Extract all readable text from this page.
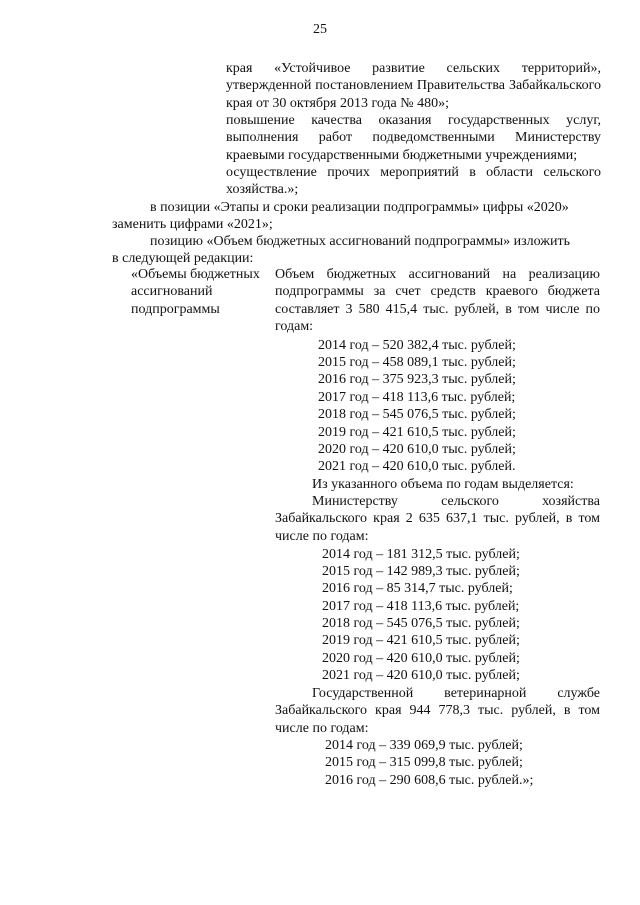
25
края «Устойчивое развитие сельских территорий», утвержденной постановлением Правительства Забайкальского края от 30 октября 2013 года № 480»;
повышение качества оказания государственных услуг, выполнения работ подведомственными Министерству краевыми государственными бюджетными учреждениями;
осуществление прочих мероприятий в области сельского хозяйства.»;
в позиции «Этапы и сроки реализации подпрограммы» цифры «2020»
заменить цифрами «2021»;
позицию «Объем бюджетных ассигнований подпрограммы» изложить
в следующей редакции:
«Объемы бюджетных ассигнований подпрограммы
Объем бюджетных ассигнований на реализацию подпрограммы за счет средств краевого бюджета составляет 3 580 415,4 тыс. рублей, в том числе по годам:
2014 год – 520 382,4 тыс. рублей;
2015 год – 458 089,1 тыс. рублей;
2016 год – 375 923,3 тыс. рублей;
2017 год – 418 113,6 тыс. рублей;
2018 год – 545 076,5 тыс. рублей;
2019 год – 421 610,5 тыс. рублей;
2020 год – 420 610,0 тыс. рублей;
2021 год – 420 610,0 тыс. рублей.
Из указанного объема по годам выделяется:
Министерству сельского хозяйства Забайкальского края 2 635 637,1 тыс. рублей, в том числе по годам:
2014 год – 181 312,5 тыс. рублей;
2015 год – 142 989,3 тыс. рублей;
2016 год – 85 314,7 тыс. рублей;
2017 год – 418 113,6 тыс. рублей;
2018 год – 545 076,5 тыс. рублей;
2019 год – 421 610,5 тыс. рублей;
2020 год – 420 610,0 тыс. рублей;
2021 год – 420 610,0 тыс. рублей;
Государственной ветеринарной службе Забайкальского края 944 778,3 тыс. рублей, в том числе по годам:
2014 год – 339 069,9 тыс. рублей;
2015 год – 315 099,8 тыс. рублей;
2016 год – 290 608,6 тыс. рублей.»;
